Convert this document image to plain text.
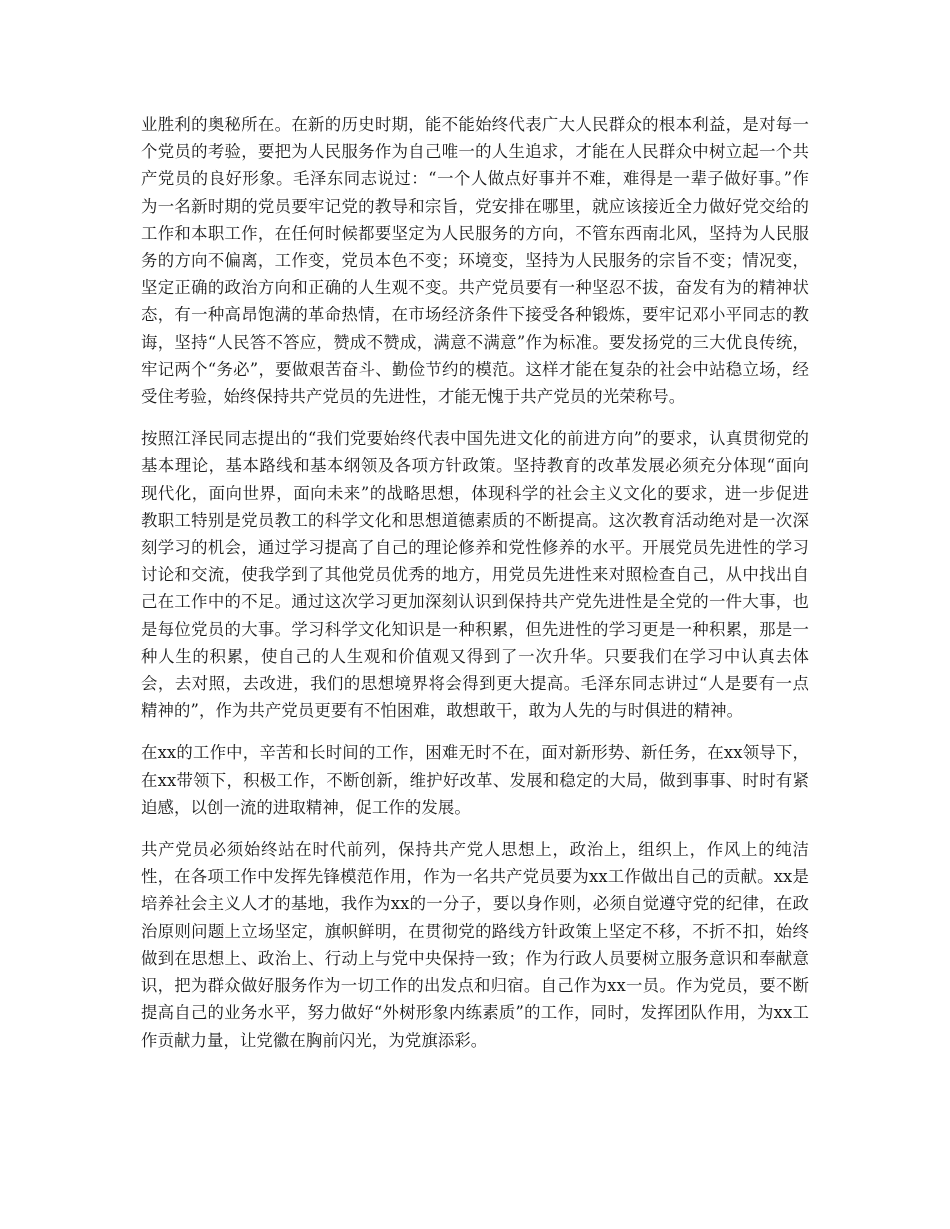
业胜利的奥秘所在。在新的历史时期，能不能始终代表广大人民群众的根本利益，是对每一个党员的考验，要把为人民服务作为自己唯一的人生追求，才能在人民群众中树立起一个共产党员的良好形象。毛泽东同志说过：“一个人做点好事并不难，难得是一辈子做好事。”作为一名新时期的党员要牢记党的教导和宗旨，党安排在哪里，就应该接近全力做好党交给的工作和本职工作，在任何时候都要坚定为人民服务的方向，不管东西南北风，坚持为人民服务的方向不偏离，工作变，党员本色不变；环境变，坚持为人民服务的宗旨不变；情况变，坚定正确的政治方向和正确的人生观不变。共产党员要有一种坚忍不拔，奋发有为的精神状态，有一种高昂饱满的革命热情，在市场经济条件下接受各种锻炼，要牢记邓小平同志的教诲，坚持“人民答不答应，赞成不赞成，满意不满意”作为标准。要发扬党的三大优良传统，牢记两个“务必”，要做艰苦奋斗、勤俭节约的模范。这样才能在复杂的社会中站稳立场，经受住考验，始终保持共产党员的先进性，才能无愧于共产党员的光荣称号。

按照江泽民同志提出的“我们党要始终代表中国先进文化的前进方向”的要求，认真贯彻党的基本理论，基本路线和基本纲领及各项方针政策。坚持教育的改革发展必须充分体现“面向现代化，面向世界，面向未来”的战略思想，体现科学的社会主义文化的要求，进一步促进教职工特别是党员教工的科学文化和思想道德素质的不断提高。这次教育活动绝对是一次深刻学习的机会，通过学习提高了自己的理论修养和党性修养的水平。开展党员先进性的学习讨论和交流，使我学到了其他党员优秀的地方，用党员先进性来对照检查自己，从中找出自己在工作中的不足。通过这次学习更加深刻认识到保持共产党先进性是全党的一件大事，也是每位党员的大事。学习科学文化知识是一种积累，但先进性的学习更是一种积累，那是一种人生的积累，使自己的人生观和价值观又得到了一次升华。只要我们在学习中认真去体会，去对照，去改进，我们的思想境界将会得到更大提高。毛泽东同志讲过“人是要有一点精神的”，作为共产党员更要有不怕困难，敢想敢干，敢为人先的与时俱进的精神。

在xx的工作中，辛苦和长时间的工作，困难无时不在，面对新形势、新任务，在xx领导下，在xx带领下，积极工作，不断创新，维护好改革、发展和稳定的大局，做到事事、时时有紧迫感，以创一流的进取精神，促工作的发展。

共产党员必须始终站在时代前列，保持共产党人思想上，政治上，组织上，作风上的纯洁性，在各项工作中发挥先锋模范作用，作为一名共产党员要为xx工作做出自己的贡献。xx是培养社会主义人才的基地，我作为xx的一分子，要以身作则，必须自觉遵守党的纪律，在政治原则问题上立场坚定，旗帜鲜明，在贯彻党的路线方针政策上坚定不移，不折不扣，始终做到在思想上、政治上、行动上与党中央保持一致；作为行政人员要树立服务意识和奉献意识，把为群众做好服务作为一切工作的出发点和归宿。自己作为xx一员。作为党员，要不断提高自己的业务水平，努力做好“外树形象内练素质”的工作，同时，发挥团队作用，为xx工作贡献力量，让党徽在胸前闪光，为党旗添彩。
